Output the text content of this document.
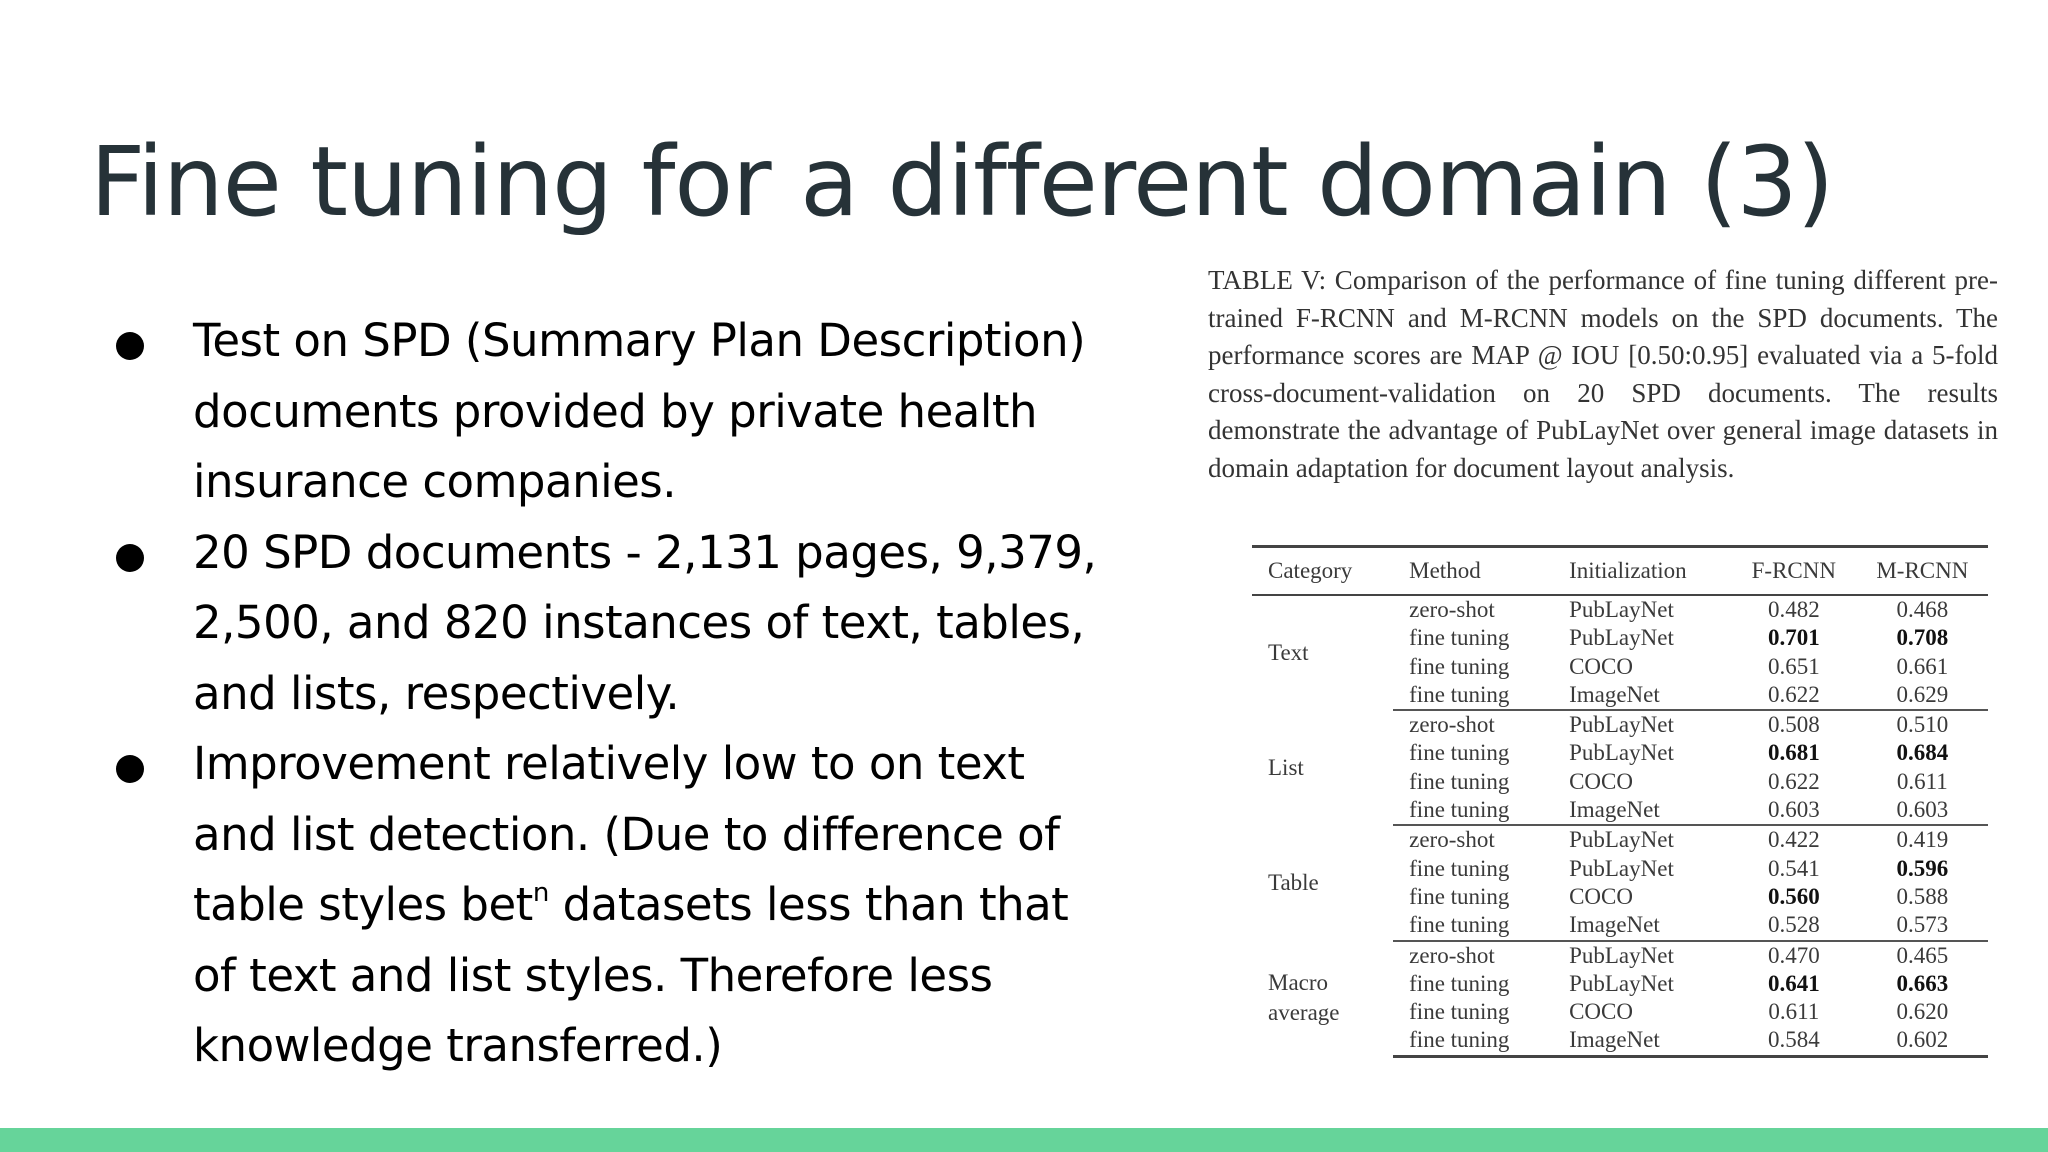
Fine tuning for a different domain (3)
Test on SPD (Summary Plan Description) documents provided by private health insurance companies.
20 SPD documents - 2,131 pages, 9,379, 2,500, and 820 instances of text, tables, and lists, respectively.
Improvement relatively low to on text and list detection. (Due to difference of table styles bet$^n$ datasets less than that of text and list styles. Therefore less knowledge transferred.)

TABLE V: Comparison of the performance of fine tuning different pre-trained F-RCNN and M-RCNN models on the SPD documents. The performance scores are MAP @ IOU [0.50:0.95] evaluated via a 5-fold cross-document-validation on 20 SPD documents. The results demonstrate the advantage of PubLayNet over general image datasets in domain adaptation for document layout analysis.

Category	Method	Initialization	F-RCNN	M-RCNN
Text	zero-shot	PubLayNet	0.482	0.468
	fine tuning	PubLayNet	0.701	0.708
	fine tuning	COCO	0.651	0.661
	fine tuning	ImageNet	0.622	0.629
List	zero-shot	PubLayNet	0.508	0.510
	fine tuning	PubLayNet	0.681	0.684
	fine tuning	COCO	0.622	0.611
	fine tuning	ImageNet	0.603	0.603
Table	zero-shot	PubLayNet	0.422	0.419
	fine tuning	PubLayNet	0.541	0.596
	fine tuning	COCO	0.560	0.588
	fine tuning	ImageNet	0.528	0.573
Macro average	zero-shot	PubLayNet	0.470	0.465
	fine tuning	PubLayNet	0.641	0.663
	fine tuning	COCO	0.611	0.620
	fine tuning	ImageNet	0.584	0.602
